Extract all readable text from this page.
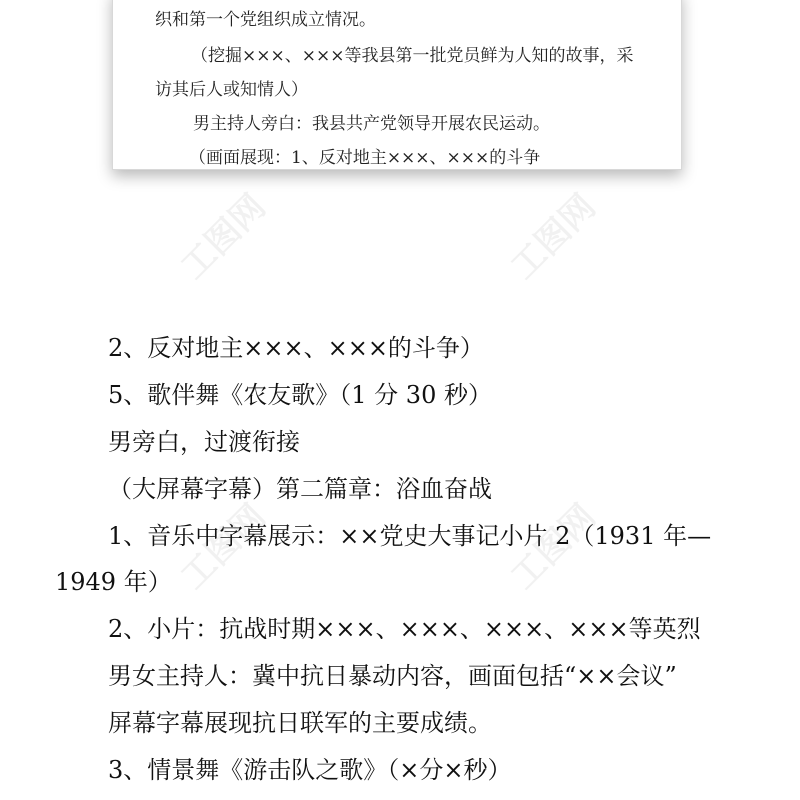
工图网	工图网
工图网
工图网
织和第一个党组织成立情况。
（挖掘×××、×××等我县第一批党员鲜为人知的故事，采
访其后人或知情人）
男主持人旁白：我县共产党领导开展农民运动。
（画面展现：1、反对地主×××、×××的斗争
2、反对地主×××、×××的斗争）
5、歌伴舞《农友歌》（1 分 30 秒）
男旁白，过渡衔接
（大屏幕字幕）第二篇章：浴血奋战
1、音乐中字幕展示：××党史大事记小片 2（1931 年—
1949 年）
2、小片：抗战时期×××、×××、×××、×××等英烈
男女主持人：冀中抗日暴动内容，画面包括“××会议”
屏幕字幕展现抗日联军的主要成绩。
3、情景舞《游击队之歌》（×分×秒）
